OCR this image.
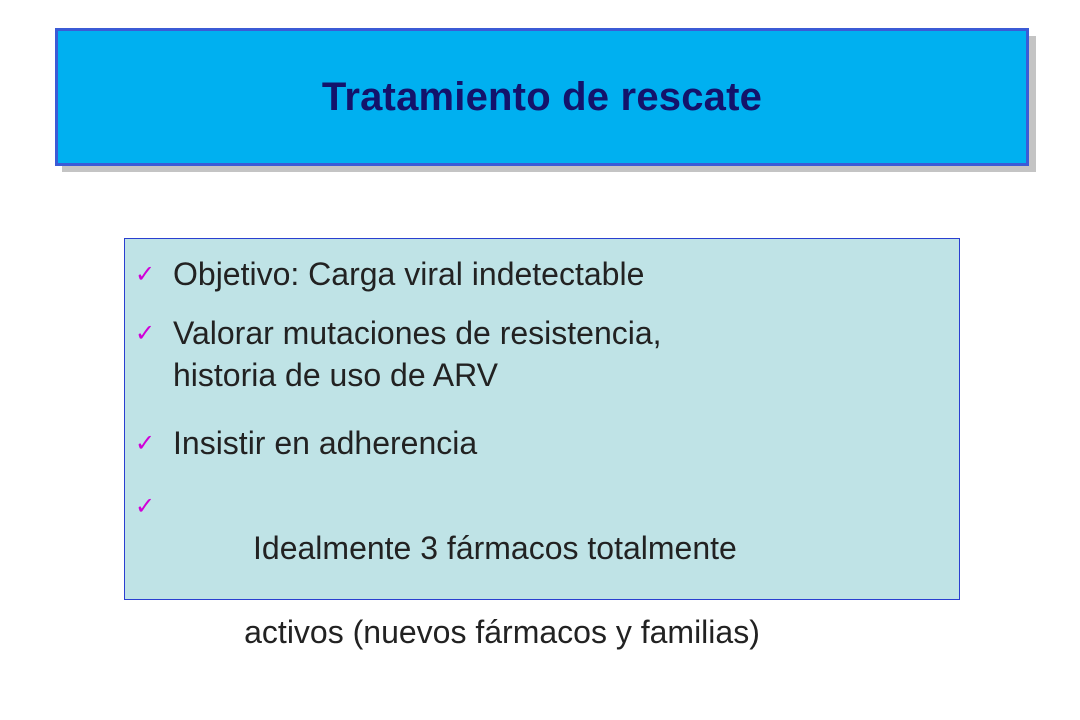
Tratamiento de rescate
✓ Objetivo: Carga viral indetectable
✓ Valorar mutaciones de resistencia,
historia de uso de ARV
✓ Insistir en adherencia
✓

Idealmente 3 fármacos totalmente

activos (nuevos fármacos y familias)
